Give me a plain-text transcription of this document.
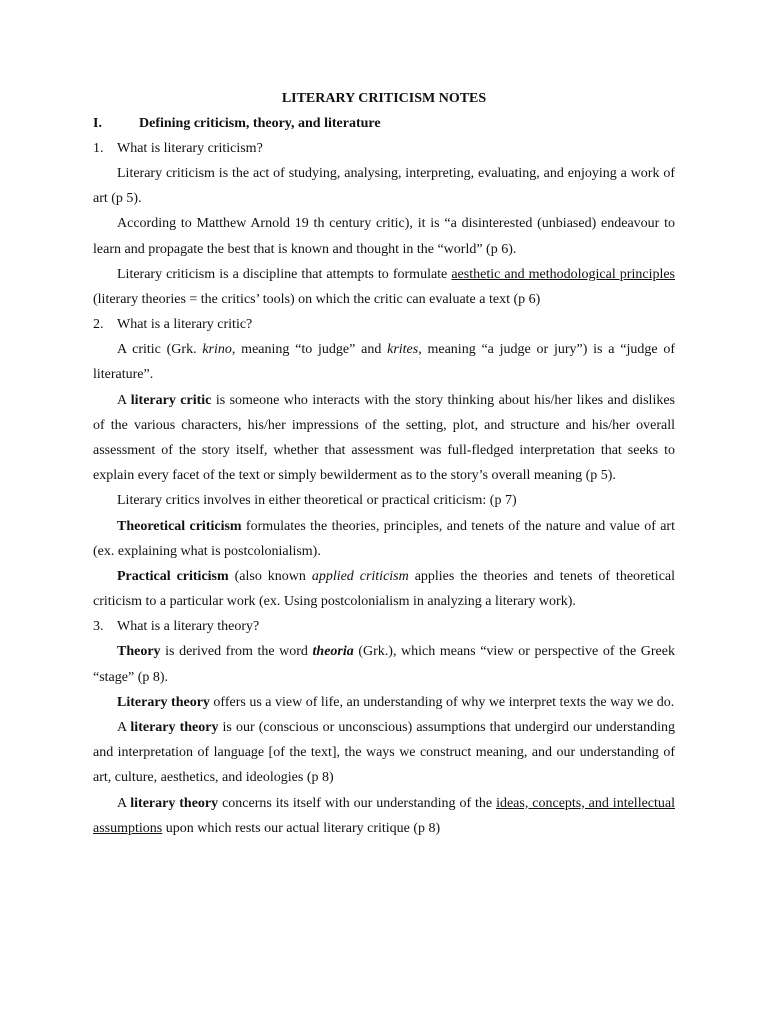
LITERARY CRITICISM NOTES
I.	Defining criticism, theory, and literature
1. What is literary criticism?

Literary criticism is the act of studying, analysing, interpreting, evaluating, and enjoying a work of art (p 5).

According to Matthew Arnold 19 th century critic), it is “a disinterested (unbiased) endeavour to learn and propagate the best that is known and thought in the “world” (p 6).

Literary criticism is a discipline that attempts to formulate aesthetic and methodological principles (literary theories = the critics’ tools) on which the critic can evaluate a text (p 6)

2. What is a literary critic?

A critic (Grk. krino, meaning “to judge” and krites, meaning “a judge or jury”) is a “judge of literature”.

A literary critic is someone who interacts with the story thinking about his/her likes and dislikes of the various characters, his/her impressions of the setting, plot, and structure and his/her overall assessment of the story itself, whether that assessment was full-fledged interpretation that seeks to explain every facet of the text or simply bewilderment as to the story’s overall meaning (p 5).

Literary critics involves in either theoretical or practical criticism: (p 7)

Theoretical criticism formulates the theories, principles, and tenets of the nature and value of art (ex. explaining what is postcolonialism).

Practical criticism (also known applied criticism applies the theories and tenets of theoretical criticism to a particular work (ex. Using postcolonialism in analyzing a literary work).

3. What is a literary theory?

Theory is derived from the word theoria (Grk.), which means “view or perspective of the Greek “stage” (p 8).

Literary theory offers us a view of life, an understanding of why we interpret texts the way we do.

A literary theory is our (conscious or unconscious) assumptions that undergird our understanding and interpretation of language [of the text], the ways we construct meaning, and our understanding of art, culture, aesthetics, and ideologies (p 8)

A literary theory concerns its itself with our understanding of the ideas, concepts, and intellectual assumptions upon which rests our actual literary critique (p 8)
